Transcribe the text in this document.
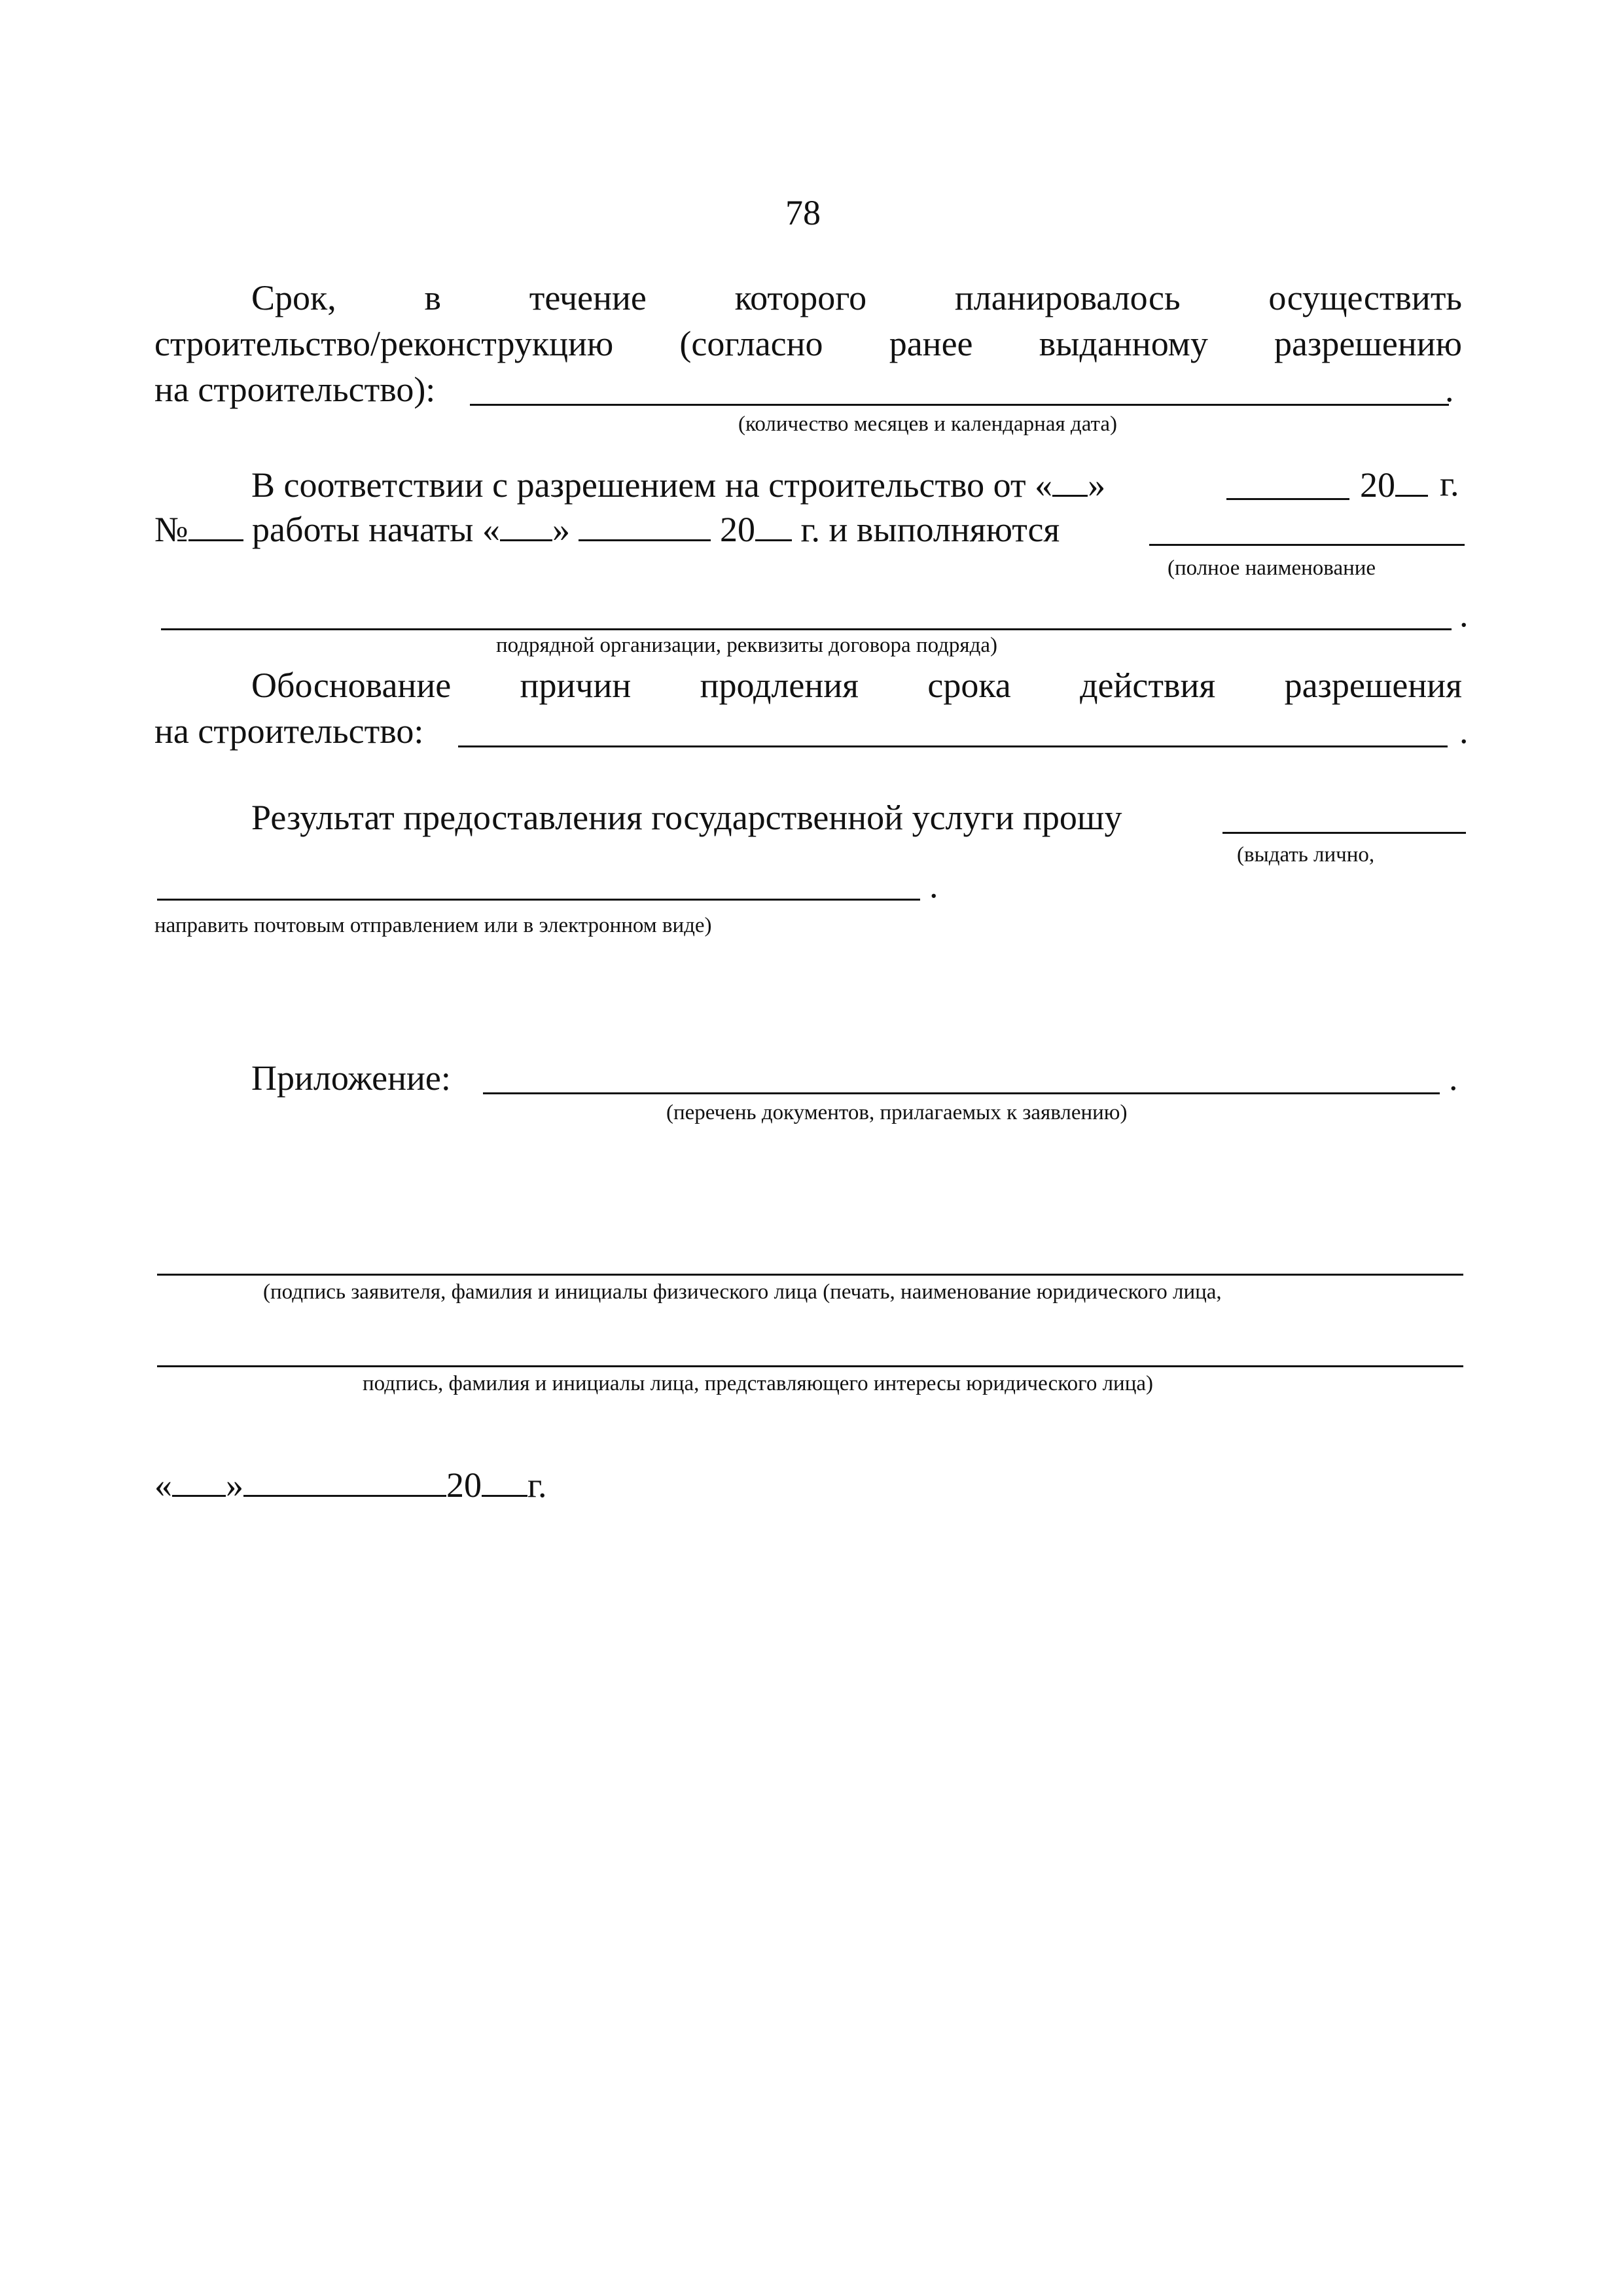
78
Срок, в течение которого планировалось осуществить
строительство/реконструкцию (согласно ранее выданному разрешению
на строительство):	.
(количество месяцев и календарная дата)
В соответствии с разрешением на строительство от « »	20	г.
№ работы начаты « »	20 г. и выполняются
(полное наименование
.
подрядной организации, реквизиты договора подряда)
Обоснование причин продления срока действия разрешения
на строительство:	.
Результат предоставления государственной услуги прошу
(выдать лично,
.
направить почтовым отправлением или в электронном виде)
Приложение:	.
(перечень документов, прилагаемых к заявлению)
(подпись заявителя, фамилия и инициалы физического лица (печать, наименование юридического лица,
подпись, фамилия и инициалы лица, представляющего интересы юридического лица)
« »	20 г.
